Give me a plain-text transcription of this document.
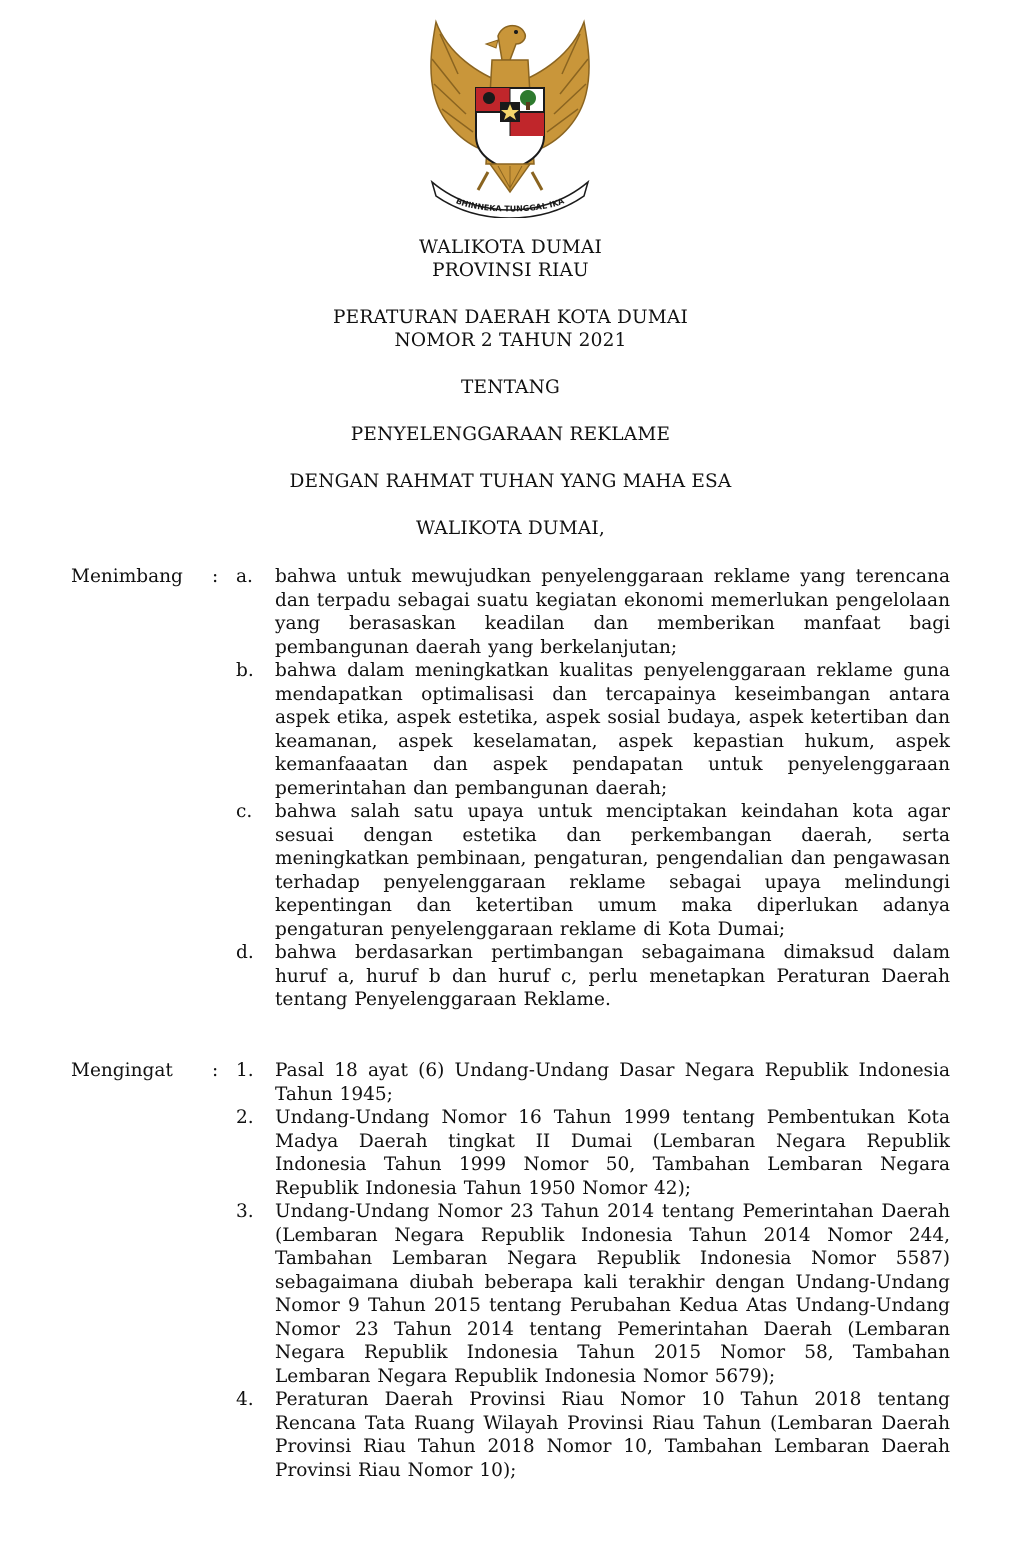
BHINNEKA TUNGGAL IKA
WALIKOTA DUMAI
PROVINSI RIAU
PERATURAN DAERAH KOTA DUMAI
NOMOR 2 TAHUN 2021
TENTANG
PENYELENGGARAAN REKLAME
DENGAN RAHMAT TUHAN YANG MAHA ESA
WALIKOTA DUMAI,
Menimbang : a.	bahwa untuk mewujudkan penyelenggaraan reklame yang terencana dan terpadu sebagai suatu kegiatan ekonomi memerlukan pengelolaan yang berasaskan keadilan dan memberikan manfaat bagi pembangunan daerah yang berkelanjutan;
b.	bahwa dalam meningkatkan kualitas penyelenggaraan reklame guna mendapatkan optimalisasi dan tercapainya keseimbangan antara aspek etika, aspek estetika, aspek sosial budaya, aspek ketertiban dan keamanan, aspek keselamatan, aspek kepastian hukum, aspek kemanfaaatan dan aspek pendapatan untuk penyelenggaraan pemerintahan dan pembangunan daerah;
c.	bahwa salah satu upaya untuk menciptakan keindahan kota agar sesuai dengan estetika dan perkembangan daerah, serta meningkatkan pembinaan, pengaturan, pengendalian dan pengawasan terhadap penyelenggaraan reklame sebagai upaya melindungi kepentingan dan ketertiban umum maka diperlukan adanya pengaturan penyelenggaraan reklame di Kota Dumai;
d.	bahwa berdasarkan pertimbangan sebagaimana dimaksud dalam huruf a, huruf b dan huruf c, perlu menetapkan Peraturan Daerah tentang Penyelenggaraan Reklame.
Mengingat : 1.	Pasal 18 ayat (6) Undang-Undang Dasar Negara Republik Indonesia Tahun 1945;
2.	Undang-Undang Nomor 16 Tahun 1999 tentang Pembentukan Kota Madya Daerah tingkat II Dumai (Lembaran Negara Republik Indonesia Tahun 1999 Nomor 50, Tambahan Lembaran Negara Republik Indonesia Tahun 1950 Nomor 42);
3.	Undang-Undang Nomor 23 Tahun 2014 tentang Pemerintahan Daerah (Lembaran Negara Republik Indonesia Tahun 2014 Nomor 244, Tambahan Lembaran Negara Republik Indonesia Nomor 5587) sebagaimana diubah beberapa kali terakhir dengan Undang-Undang Nomor 9 Tahun 2015 tentang Perubahan Kedua Atas Undang-Undang Nomor 23 Tahun 2014 tentang Pemerintahan Daerah (Lembaran Negara Republik Indonesia Tahun 2015 Nomor 58, Tambahan Lembaran Negara Republik Indonesia Nomor 5679);
4.	Peraturan Daerah Provinsi Riau Nomor 10 Tahun 2018 tentang Rencana Tata Ruang Wilayah Provinsi Riau Tahun (Lembaran Daerah Provinsi Riau Tahun 2018 Nomor 10, Tambahan Lembaran Daerah Provinsi Riau Nomor 10);
